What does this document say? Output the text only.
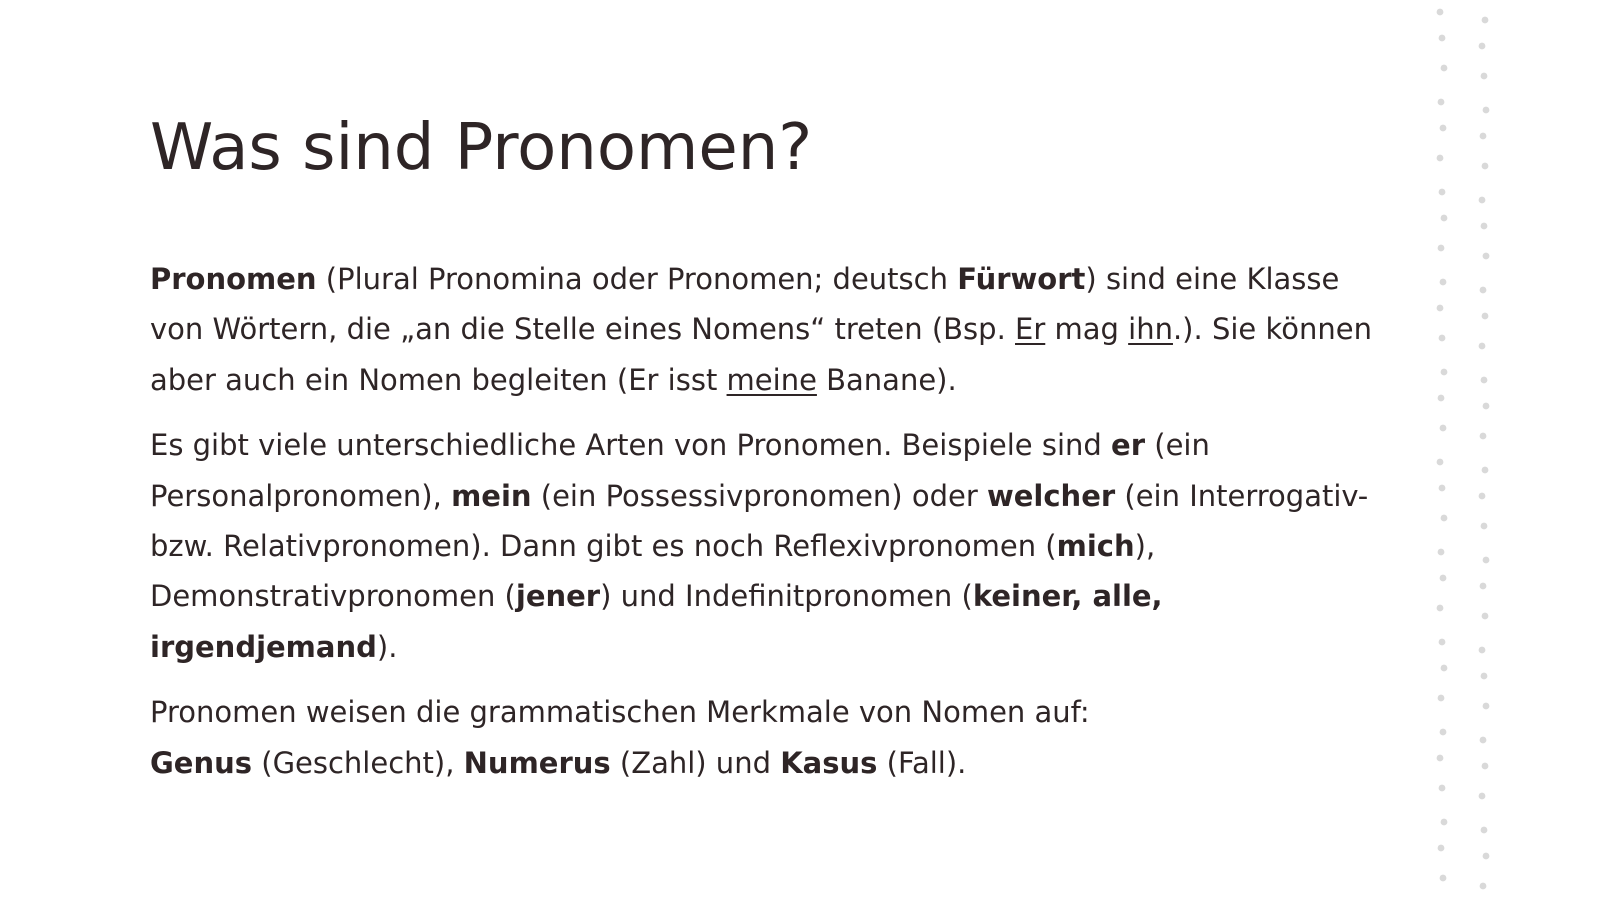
Was sind Pronomen?

Pronomen (Plural Pronomina oder Pronomen; deutsch Fürwort) sind eine Klasse von Wörtern, die „an die Stelle eines Nomens“ treten (Bsp. Er mag ihn.). Sie können aber auch ein Nomen begleiten (Er isst meine Banane).

Es gibt viele unterschiedliche Arten von Pronomen. Beispiele sind er (ein Personalpronomen), mein (ein Possessivpronomen) oder welcher (ein Interrogativ- bzw. Relativpronomen). Dann gibt es noch Reflexivpronomen (mich), Demonstrativpronomen (jener) und Indefinitpronomen (keiner, alle, irgendjemand).

Pronomen weisen die grammatischen Merkmale von Nomen auf:
Genus (Geschlecht), Numerus (Zahl) und Kasus (Fall).
